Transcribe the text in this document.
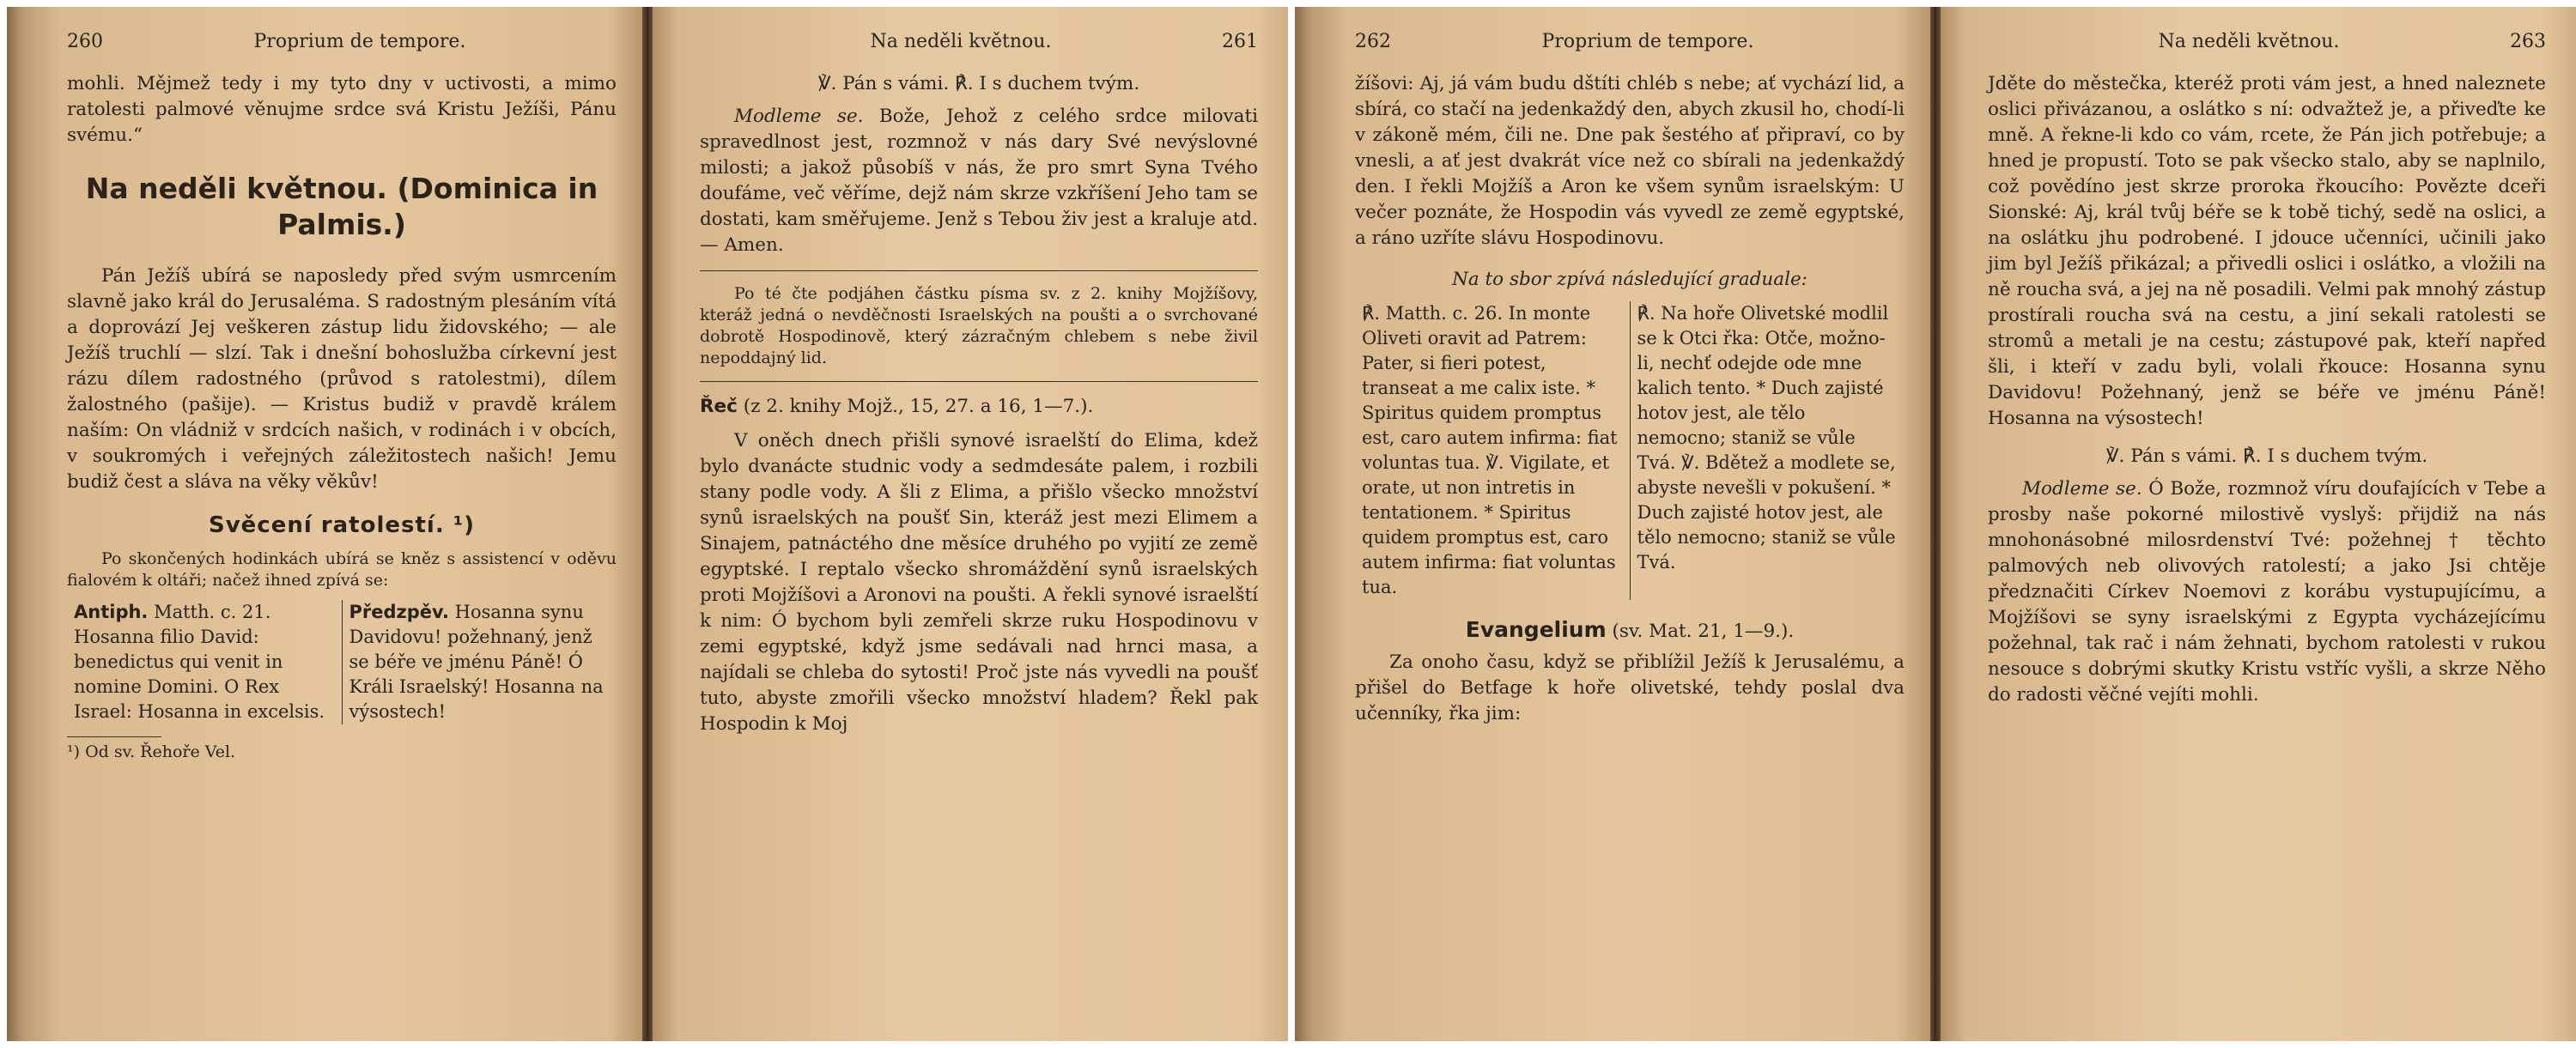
260	Proprium de tempore.

mohli. Mějmež tedy i my tyto dny v uctivosti, a mimo ratolesti palmové věnujme srdce svá Kristu Ježíši, Pánu svému.“

Na neděli květnou. (Dominica in Palmis.)

Pán Ježíš ubírá se naposledy před svým usmrcením slavně jako král do Jerusaléma. S radostným plesáním vítá a doprovází Jej veškeren zástup lidu židovského; — ale Ježíš truchlí — slzí. Tak i dnešní bohoslužba církevní jest rázu dílem radostného (průvod s ratolestmi), dílem žalostného (pašije). — Kristus budiž v pravdě králem naším: On vládniž v srdcích našich, v rodinách i v obcích, v soukromých i veřejných záležitostech našich! Jemu budiž čest a sláva na věky věkův!

Svěcení ratolestí. ¹)

Po skončených hodinkách ubírá se kněz s assistencí v oděvu fialovém k oltáři; načež ihned zpívá se:

Antiph. Matth. c. 21. Hosanna filio David: benedictus qui venit in nomine Domini. O Rex Israel: Hosanna in excelsis.
Předzpěv. Hosanna synu Davidovu! požehnaný, jenž se béře ve jménu Páně! Ó Králi Israelský! Hosanna na výsostech!

¹) Od sv. Řehoře Vel.

Na neděli květnou.	261

℣. Pán s vámi. ℟. I s duchem tvým.

Modleme se. Bože, Jehož z celého srdce milovati spravedlnost jest, rozmnož v nás dary Své nevýslovné milosti; a jakož působíš v nás, že pro smrt Syna Tvého doufáme, več věříme, dejž nám skrze vzkříšení Jeho tam se dostati, kam směřujeme. Jenž s Tebou živ jest a kraluje atd. — Amen.

Po té čte podjáhen částku písma sv. z 2. knihy Mojžíšovy, kteráž jedná o nevděčnosti Israelských na poušti a o svrchované dobrotě Hospodinově, který zázračným chlebem s nebe živil nepoddajný lid.

Řeč (z 2. knihy Mojž., 15, 27. a 16, 1—7.).

V oněch dnech přišli synové israelští do Elima, kdež bylo dvanácte studnic vody a sedmdesáte palem, i rozbili stany podle vody. A šli z Elima, a přišlo všecko množství synů israelských na poušť Sin, kteráž jest mezi Elimem a Sinajem, patnáctého dne měsíce druhého po vyjití ze země egyptské. I reptalo všecko shromáždění synů israelských proti Mojžíšovi a Aronovi na poušti. A řekli synové israelští k nim: Ó bychom byli zemřeli skrze ruku Hospodinovu v zemi egyptské, když jsme sedávali nad hrnci masa, a najídali se chleba do sytosti! Proč jste nás vyvedli na poušť tuto, abyste zmořili všecko množství hladem? Řekl pak Hospodin k Moj

262	Proprium de tempore.

žíšovi: Aj, já vám budu dštíti chléb s nebe; ať vychází lid, a sbírá, co stačí na jedenkaždý den, abych zkusil ho, chodí-li v zákoně mém, čili ne. Dne pak šestého ať připraví, co by vnesli, a ať jest dvakrát více než co sbírali na jedenkaždý den. I řekli Mojžíš a Aron ke všem synům israelským: U večer poznáte, že Hospodin vás vyvedl ze země egyptské, a ráno uzříte slávu Hospodinovu.

Na to sbor zpívá následující graduale:

℟. Matth. c. 26. In monte Oliveti oravit ad Patrem: Pater, si fieri potest, transeat a me calix iste. * Spiritus quidem promptus est, caro autem infirma: fiat voluntas tua. ℣. Vigilate, et orate, ut non intretis in tentationem. * Spiritus quidem promptus est, caro autem infirma: fiat voluntas tua.
℟. Na hoře Olivetské modlil se k Otci řka: Otče, možno-li, nechť odejde ode mne kalich tento. * Duch zajisté hotov jest, ale tělo nemocno; staniž se vůle Tvá. ℣. Bdětež a modlete se, abyste nevešli v pokušení. * Duch zajisté hotov jest, ale tělo nemocno; staniž se vůle Tvá.

Evangelium (sv. Mat. 21, 1—9.).

Za onoho času, když se přiblížil Ježíš k Jerusalému, a přišel do Betfage k hoře olivetské, tehdy poslal dva učenníky, řka jim:

Na neděli květnou.	263

Jděte do městečka, kteréž proti vám jest, a hned naleznete oslici přivázanou, a oslátko s ní: odvažtež je, a přiveďte ke mně. A řekne-li kdo co vám, rcete, že Pán jich potřebuje; a hned je propustí. Toto se pak všecko stalo, aby se naplnilo, což povědíno jest skrze proroka řkoucího: Povězte dceři Sionské: Aj, král tvůj béře se k tobě tichý, sedě na oslici, a na oslátku jhu podrobené. I jdouce učenníci, učinili jako jim byl Ježíš přikázal; a přivedli oslici i oslátko, a vložili na ně roucha svá, a jej na ně posadili. Velmi pak mnohý zástup prostírali roucha svá na cestu, a jiní sekali ratolesti se stromů a metali je na cestu; zástupové pak, kteří napřed šli, i kteří v zadu byli, volali řkouce: Hosanna synu Davidovu! Požehnaný, jenž se béře ve jménu Páně! Hosanna na výsostech!

℣. Pán s vámi. ℟. I s duchem tvým.

Modleme se. Ó Bože, rozmnož víru doufajících v Tebe a prosby naše pokorné milostivě vyslyš: přijdiž na nás mnohonásobné milosrdenství Tvé: požehnej † těchto palmových neb olivových ratolestí; a jako Jsi chtěje předznačiti Církev Noemovi z korábu vystupujícímu, a Mojžíšovi se syny israelskými z Egypta vycházejícímu požehnal, tak rač i nám žehnati, bychom ratolesti v rukou nesouce s dobrými skutky Kristu vstříc vyšli, a skrze Něho do radosti věčné vejíti mohli.
